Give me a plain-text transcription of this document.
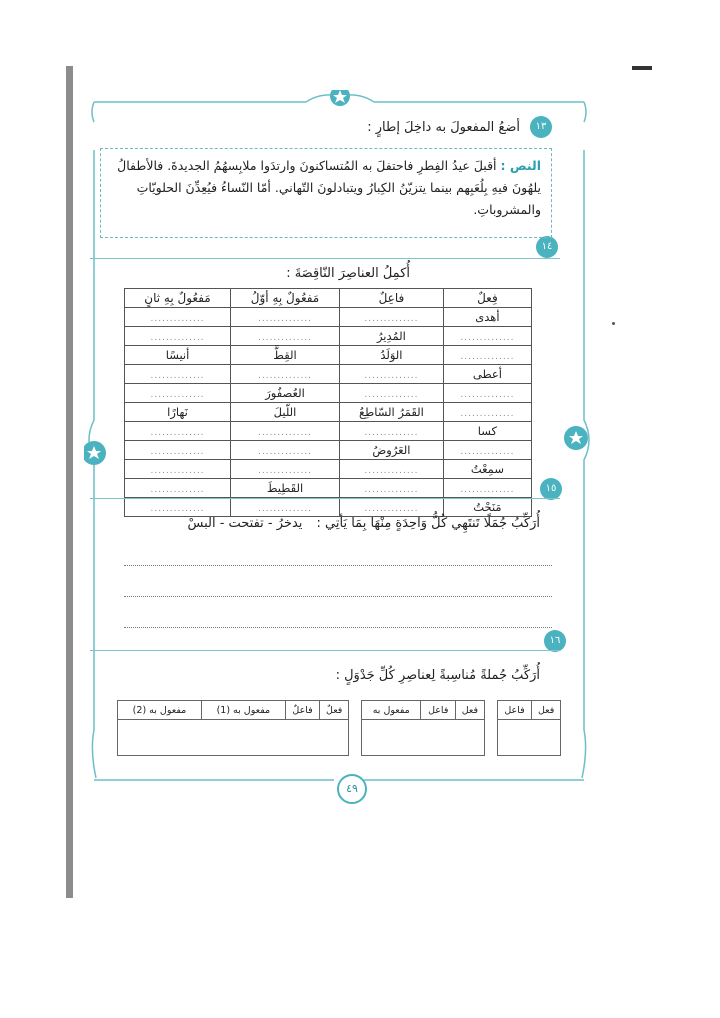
١٣
١٤
١٥
١٦
أضعُ المفعولَ به داخِلَ إطارٍ :
النص : أقبلَ عيدُ الفِطرِ فاحتفلَ به المُتساكنونَ وارتدَوا ملابِسهُمُ الجديدةَ. فالأطفالُ يلهُونَ فيهِ بِلُعَبِهم بينما يتزيّنُ الكِبارُ ويتبادلونَ التّهاني. أمّا النّساءُ فيُعِدِّنَ الحلويّاتِ والمشروباتِ.
أُكمِلُ العناصِرَ النّاقِصَةَ :
فِعلٌ	فاعِلٌ	مَفعُولٌ بِهِ أوّلُ	مَفعُولٌ بِهِ ثانٍ
أهدى	..............	..............	..............
..............	المُدِيرُ	..............	..............
..............	الوَلَدُ	القِطَّ	أنيسًا
أعطى	..............	..............	..............
..............	..............	العُصفُورَ	..............
..............	القَمَرُ السّاطِعُ	اللّيلَ	نَهارًا
كسا	..............	..............	..............
..............	العَرُوضُ	..............	..............
سمِعْتُ	..............	..............	..............
..............	..............	القَطِيطَ	..............
مَنَحْتُ	..............	..............	..............
أُرَكِّبُ جُمَلًا تَنتَهِي كُلُّ وَاحِدَةٍ مِنْهَا بِمَا يَأتِي : يدخرُ - تفتحت - البسْ
أُرَكِّبُ جُملةً مُناسِبةً لِعناصِرِ كُلِّ جَدْوَلٍ :
مفعول به (2)	مفعول به (1)	فاعلٌ	فعلٌ		مفعول به	فاعل	فعل		فاعل	فعل

٤٩
